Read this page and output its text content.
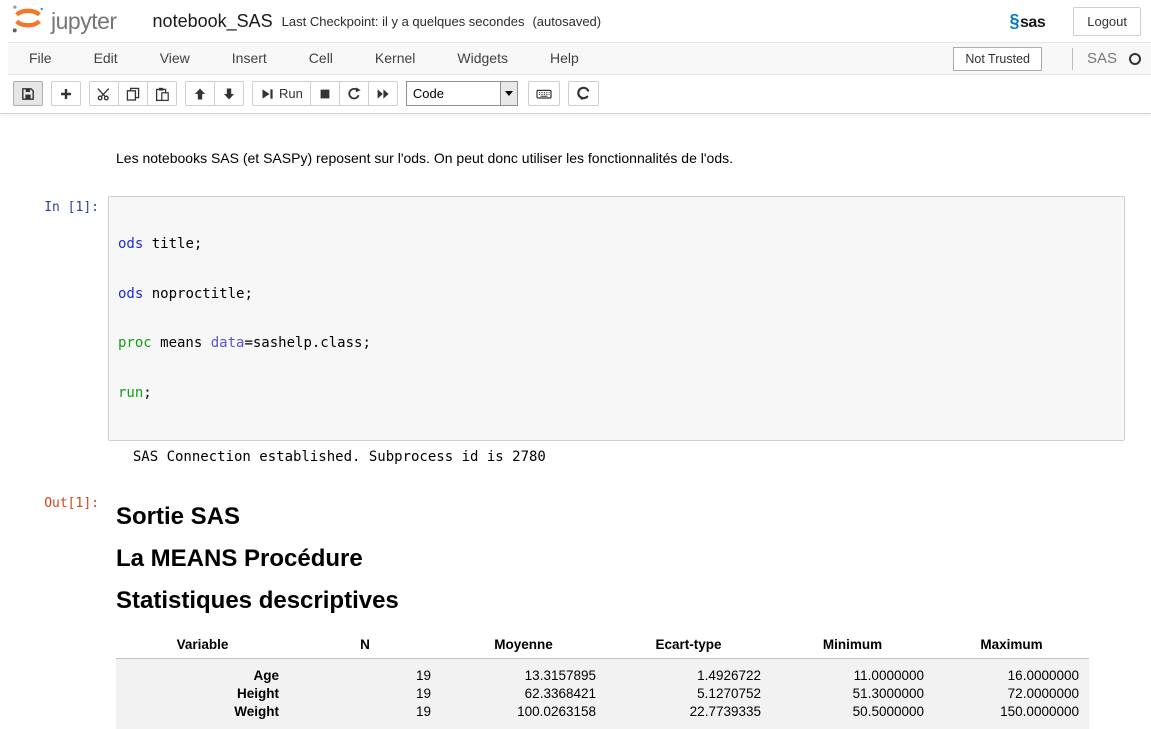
jupyter notebook_SAS Last Checkpoint: il y a quelques secondes (autosaved)	§sas	Logout
File	Edit	View	Insert	Cell	Kernel	Widgets	Help	Not Trusted	SAS
Run	Code

Les notebooks SAS (et SASPy) reposent sur l'ods. On peut donc utiliser les fonctionnalités de l'ods.

In [1]:

ods title;

ods noproctitle;

proc means data=sashelp.class;

run;

SAS Connection established. Subprocess id is 2780
Out[1]: Sortie SAS
La MEANS Procédure
Statistiques descriptives
Variable	N	Moyenne	Ecart-type	Minimum	Maximum
Age	19	13.3157895	1.4926722	11.0000000	16.0000000
Height	19	62.3368421	5.1270752	51.3000000	72.0000000
Weight	19	100.0263158	22.7739335	50.5000000	150.0000000
